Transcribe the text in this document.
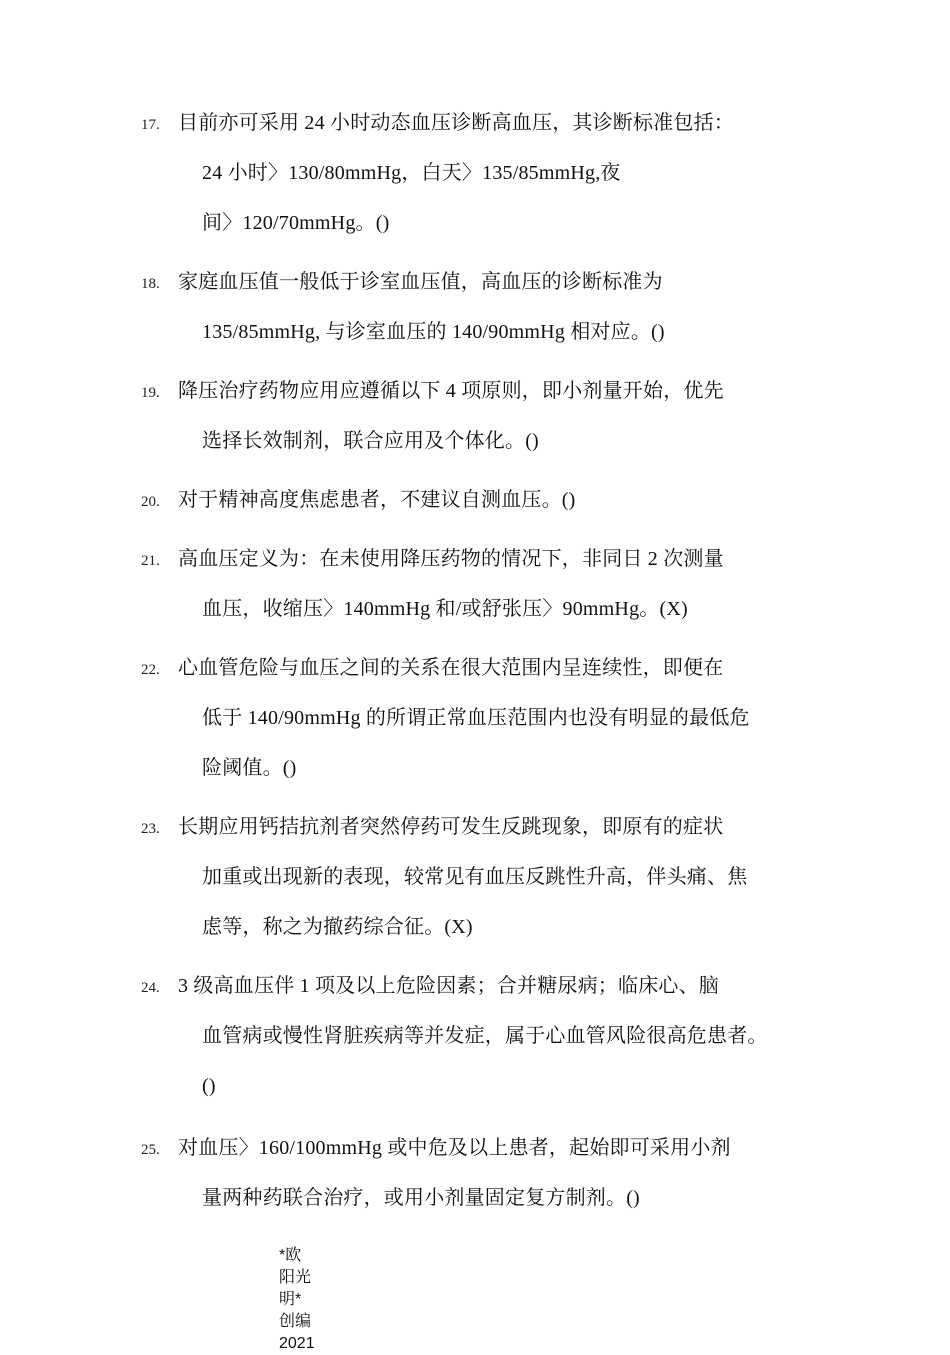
17. 目前亦可采用 24 小时动态血压诊断高血压，其诊断标准包括：
24 小时〉130/80mmHg，白天〉135/85mmHg,夜
间〉120/70mmHg。()
18. 家庭血压值一般低于诊室血压值，高血压的诊断标准为
135/85mmHg, 与诊室血压的 140/90mmHg 相对应。()
19. 降压治疗药物应用应遵循以下 4 项原则，即小剂量开始，优先
选择长效制剂，联合应用及个体化。()
20. 对于精神高度焦虑患者，不建议自测血压。()
21. 高血压定义为：在未使用降压药物的情况下，非同日 2 次测量
血压，收缩压〉140mmHg 和/或舒张压〉90mmHg。(X)
22. 心血管危险与血压之间的关系在很大范围内呈连续性，即便在
低于 140/90mmHg 的所谓正常血压范围内也没有明显的最低危
险阈值。()
23. 长期应用钙拮抗剂者突然停药可发生反跳现象，即原有的症状
加重或出现新的表现，较常见有血压反跳性升高，伴头痛、焦
虑等，称之为撤药综合征。(X)
24. 3 级高血压伴 1 项及以上危险因素；合并糖尿病；临床心、脑
血管病或慢性肾脏疾病等并发症，属于心血管风险很高危患者。
()
25. 对血压〉160/100mmHg 或中危及以上患者，起始即可采用小剂
量两种药联合治疗，或用小剂量固定复方制剂。()
*欧
阳光
明*
创编
2021
